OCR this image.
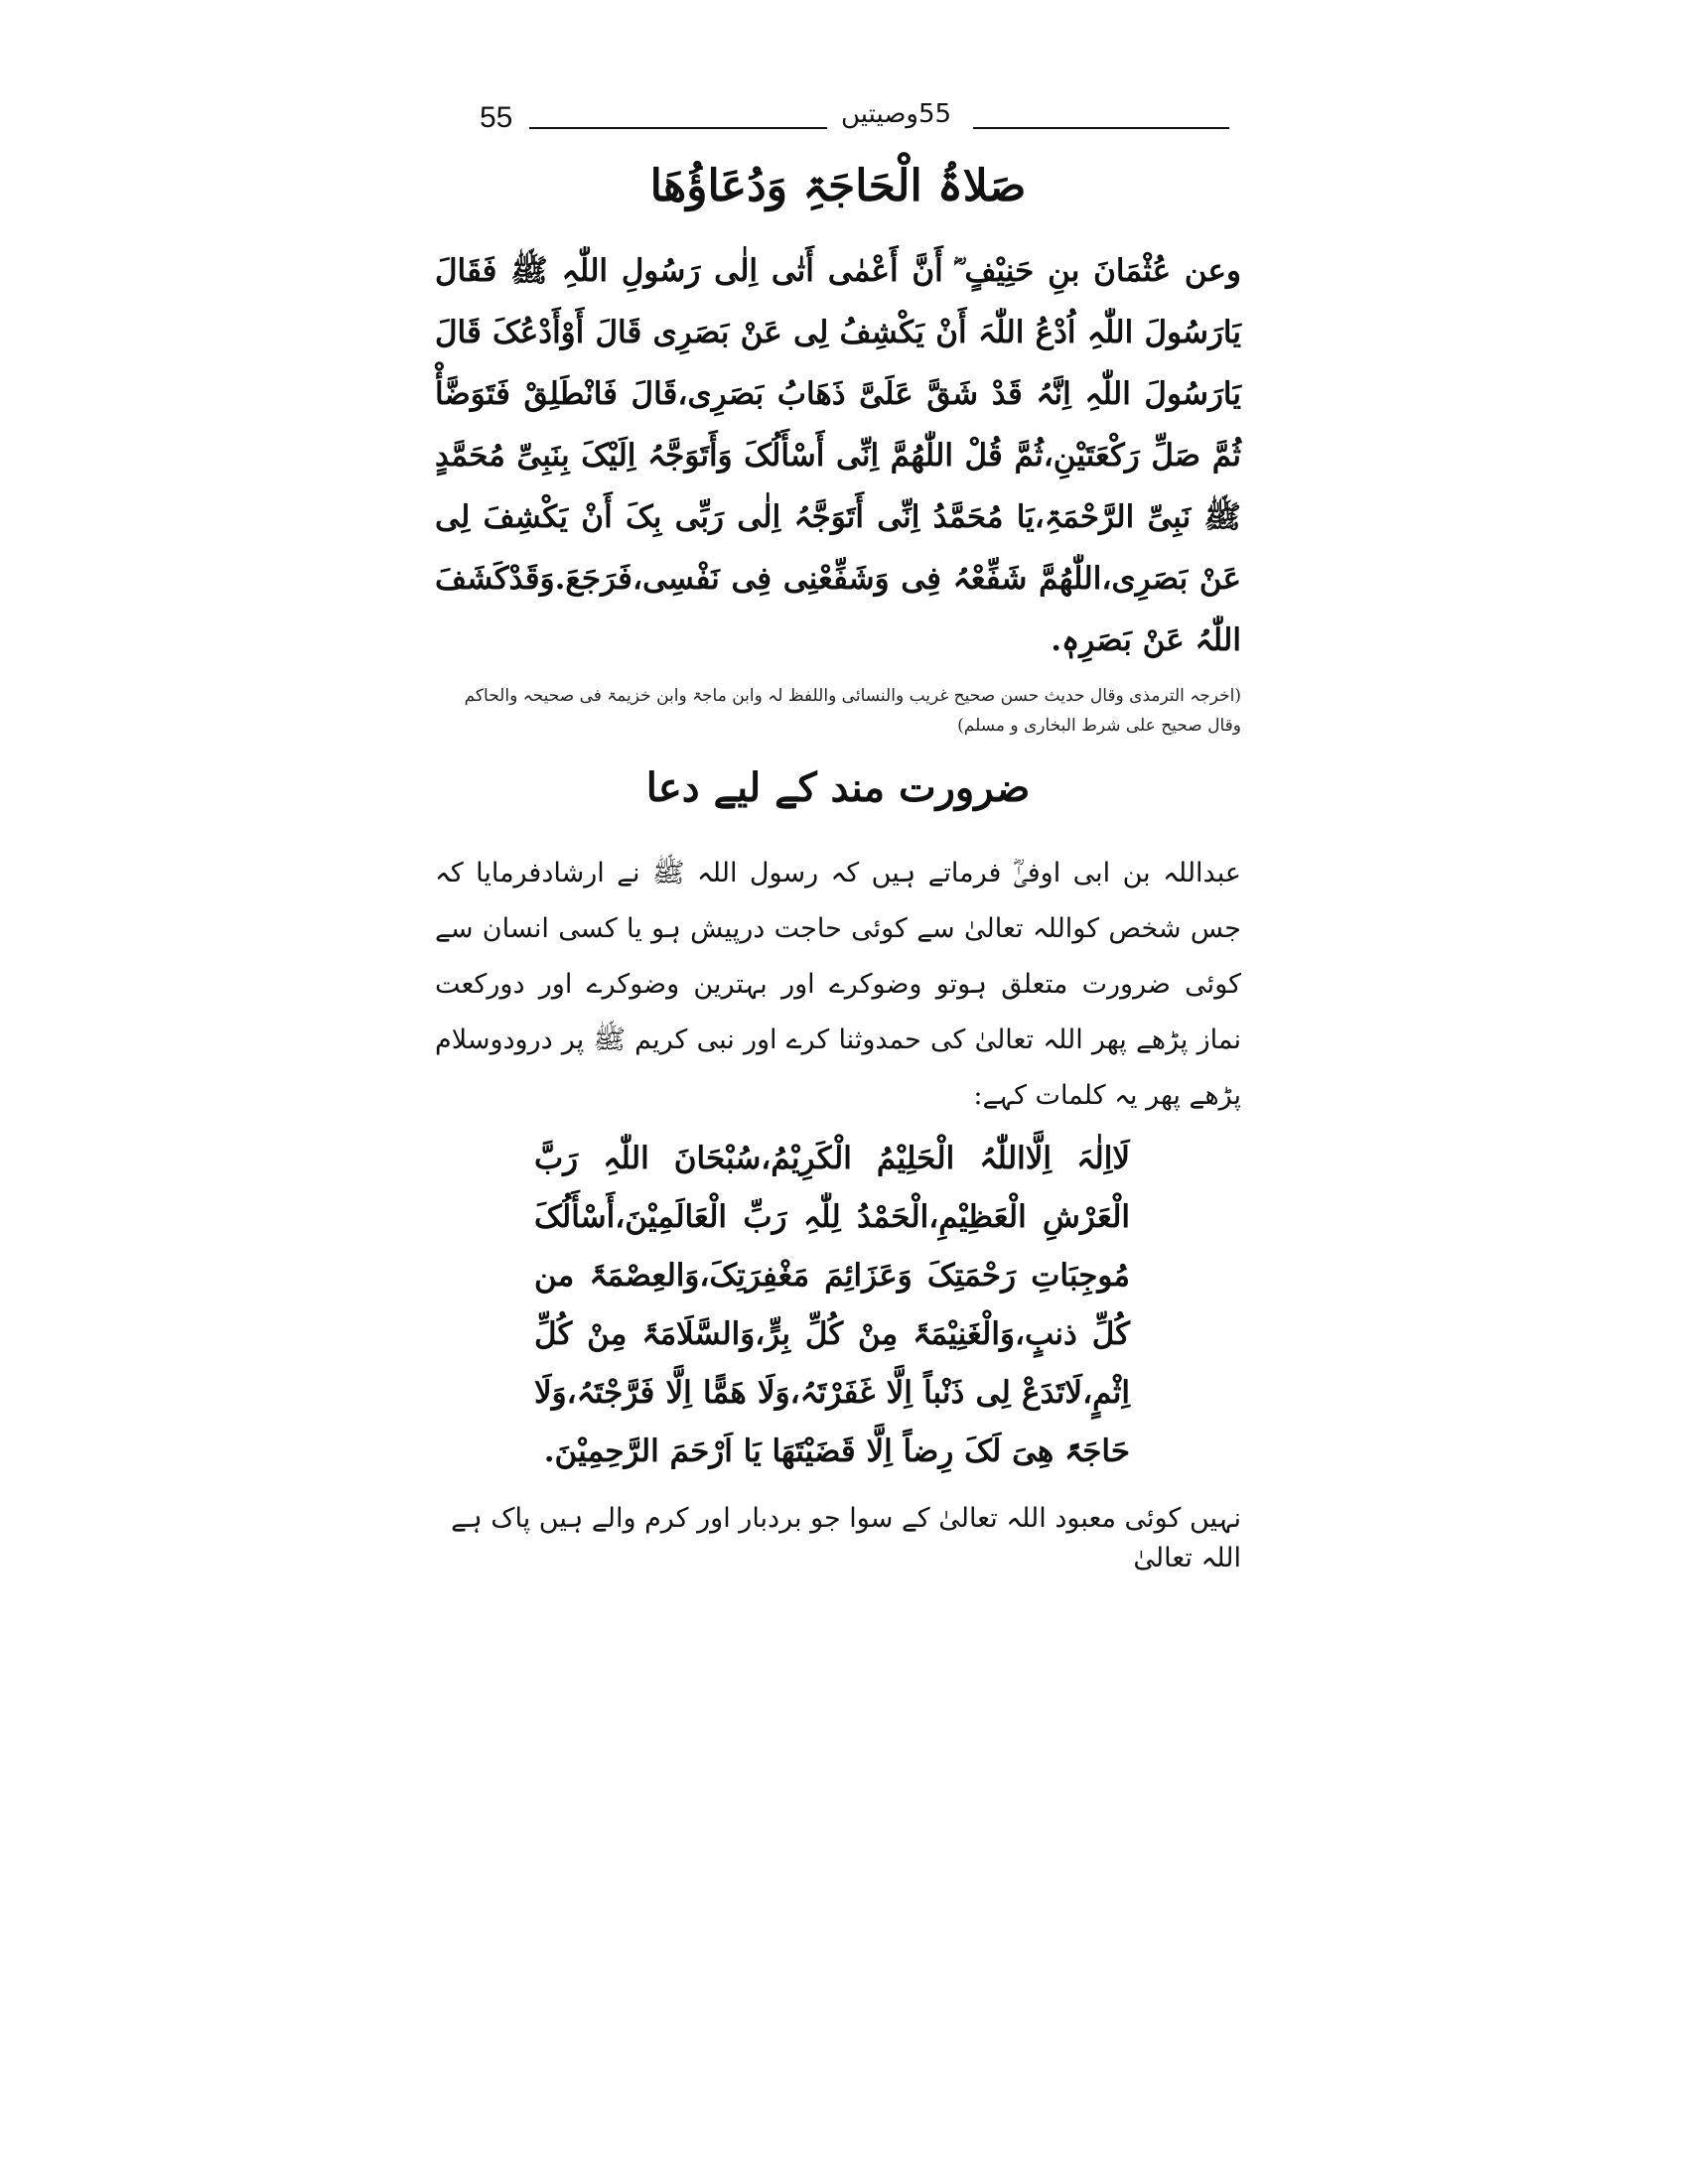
55	55وصیتیں
صَلاۃُ الْحَاجَۃِ وَدُعَاؤُھَا

وعن عُثْمَانَ بنِ حَنِیْفٍ ؓ أَنَّ أَعْمٰی أَتٰی اِلٰی رَسُولِ اللّٰہِ ﷺ فَقَالَ یَارَسُولَ اللّٰہِ اُدْعُ اللّٰہَ أَنْ یَکْشِفُ لِی عَنْ بَصَرِی قَالَ أَوْأَدْعُکَ قَالَ یَارَسُولَ اللّٰہِ اِنَّہُ قَدْ شَقَّ عَلَیَّ ذَھَابُ بَصَرِی،قَالَ فَانْطَلِقْ فَتَوَضَّأْ ثُمَّ صَلِّ رَکْعَتَیْنِ،ثُمَّ قُلْ اللّٰھُمَّ اِنِّی أَسْأَلُکَ وَأَتَوَجَّہُ اِلَیْکَ بِنَبِیِّ مُحَمَّدٍ ﷺ نَبِیِّ الرَّحْمَۃِ،یَا مُحَمَّدُ اِنِّی أَتَوَجَّہُ اِلٰی رَبِّی بِکَ أَنْ یَکْشِفَ لِی عَنْ بَصَرِی،اللّٰھُمَّ شَفِّعْہُ فِی وَشَفِّعْنِی فِی نَفْسِی،فَرَجَعَ.وَقَدْکَشَفَ اللّٰہُ عَنْ بَصَرِہٖ.

(اخرجہ الترمذی وقال حدیث حسن صحیح غریب والنسائی واللفظ لہ وابن ماجۃ وابن خزیمۃ فی صحیحہ والحاکم وقال صحیح علی شرط البخاری و مسلم)

ضرورت مند کے لیے دعا

عبداللہ بن ابی اوفیٰؓ فرماتے ہیں کہ رسول اللہ ﷺ نے ارشادفرمایا کہ جس شخص کواللہ تعالیٰ سے کوئی حاجت درپیش ہو یا کسی انسان سے کوئی ضرورت متعلق ہوتو وضوکرے اور بہترین وضوکرے اور دورکعت نماز پڑھے پھر اللہ تعالیٰ کی حمدوثنا کرے اور نبی کریم ﷺ پر درودوسلام پڑھے پھر یہ کلمات کہے:

لَااِلٰہَ اِلَّااللّٰہُ الْحَلِیْمُ الْکَرِیْمُ،سُبْحَانَ اللّٰہِ رَبَّ الْعَرْشِ الْعَظِیْمِ،الْحَمْدُ لِلّٰہِ رَبِّ الْعَالَمِیْنَ،أَسْأَلُکَ مُوجِبَاتِ رَحْمَتِکَ وَعَزَائِمَ مَغْفِرَتِکَ،وَالعِصْمَۃَ من کُلِّ ذنبٍ،وَالْغَنِیْمَۃَ مِنْ کُلِّ بِرٍّ،وَالسَّلَامَۃَ مِنْ کُلِّ اِثْمٍ،لَاتَدَعْ لِی ذَنْباً اِلَّا غَفَرْتَہُ،وَلَا ھَمًّا اِلَّا فَرَّجْتَہُ،وَلَا حَاجَۃً ھِیَ لَکَ رِضاً اِلَّا قَضَیْتَھَا یَا اَرْحَمَ الرَّحِمِیْنَ.

نہیں کوئی معبود اللہ تعالیٰ کے سوا جو بردبار اور کرم والے ہیں پاک ہے اللہ تعالیٰ
